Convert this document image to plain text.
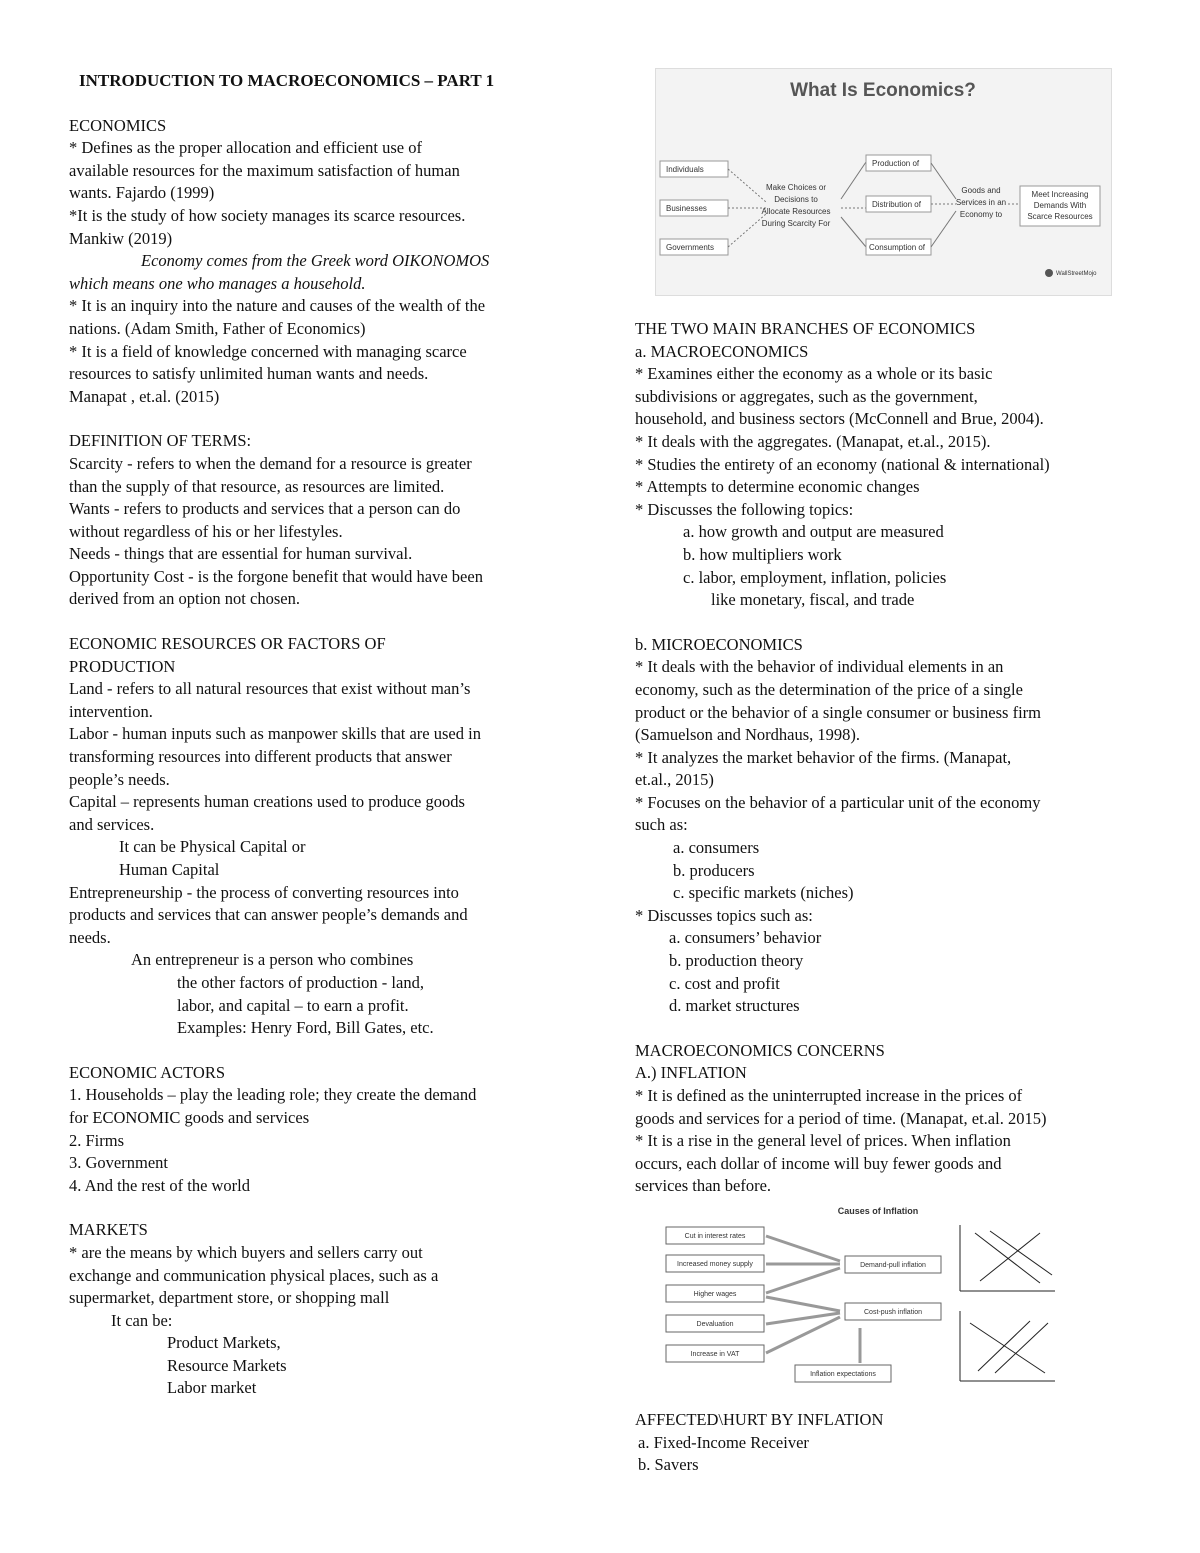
INTRODUCTION TO MACROECONOMICS – PART 1

ECONOMICS

* Defines as the proper allocation and efficient use of

available resources for the maximum satisfaction of human

wants. Fajardo (1999)

*It is the study of how society manages its scarce resources.

Mankiw (2019)

Economy comes from the Greek word OIKONOMOS

which means one who manages a household.

* It is an inquiry into the nature and causes of the wealth of the

nations. (Adam Smith, Father of Economics)

* It is a field of knowledge concerned with managing scarce

resources to satisfy unlimited human wants and needs.

Manapat , et.al. (2015)

DEFINITION OF TERMS:

Scarcity - refers to when the demand for a resource is greater

than the supply of that resource, as resources are limited.

Wants - refers to products and services that a person can do

without regardless of his or her lifestyles.

Needs - things that are essential for human survival.

Opportunity Cost - is the forgone benefit that would have been

derived from an option not chosen.

ECONOMIC RESOURCES OR FACTORS OF

PRODUCTION

Land - refers to all natural resources that exist without man’s

intervention.

Labor - human inputs such as manpower skills that are used in

transforming resources into different products that answer

people’s needs.

Capital – represents human creations used to produce goods

and services.

It can be Physical Capital or

Human Capital

Entrepreneurship - the process of converting resources into

products and services that can answer people’s demands and

needs.

An entrepreneur is a person who combines

the other factors of production - land,

labor, and capital – to earn a profit.

Examples: Henry Ford, Bill Gates, etc.

ECONOMIC ACTORS

1. Households – play the leading role; they create the demand

for ECONOMIC goods and services

2. Firms

3. Government

4. And the rest of the world

MARKETS

* are the means by which buyers and sellers carry out

exchange and communication physical places, such as a

supermarket, department store, or shopping mall

It can be:

Product Markets,

Resource Markets

Labor market

What Is Economics?
Individuals
Businesses
Governments
Make Choices or
Decisions to
Allocate Resources
During Scarcity For
Production of
Distribution of
Consumption of
Goods and
Services in an
Economy to
Meet Increasing
Demands With
Scarce Resources
WallStreetMojo

THE TWO MAIN BRANCHES OF ECONOMICS

a. MACROECONOMICS

* Examines either the economy as a whole or its basic

subdivisions or aggregates, such as the government,

household, and business sectors (McConnell and Brue, 2004).

* It deals with the aggregates. (Manapat, et.al., 2015).

* Studies the entirety of an economy (national & international)

* Attempts to determine economic changes

* Discusses the following topics:

a. how growth and output are measured

b. how multipliers work

c. labor, employment, inflation, policies

like monetary, fiscal, and trade

b. MICROECONOMICS

* It deals with the behavior of individual elements in an

economy, such as the determination of the price of a single

product or the behavior of a single consumer or business firm

(Samuelson and Nordhaus, 1998).

* It analyzes the market behavior of the firms. (Manapat,

et.al., 2015)

* Focuses on the behavior of a particular unit of the economy

such as:

a. consumers

b. producers

c. specific markets (niches)

* Discusses topics such as:

a. consumers’ behavior

b. production theory

c. cost and profit

d. market structures

MACROECONOMICS CONCERNS

A.) INFLATION

* It is defined as the uninterrupted increase in the prices of

goods and services for a period of time. (Manapat, et.al. 2015)

* It is a rise in the general level of prices. When inflation

occurs, each dollar of income will buy fewer goods and

services than before.

Causes of Inflation
Cut in interest rates
Increased money supply
Higher wages
Devaluation
Increase in VAT
Demand-pull inflation
Cost-push inflation
Inflation expectations

AFFECTED\HURT BY INFLATION

a. Fixed-Income Receiver

b. Savers
